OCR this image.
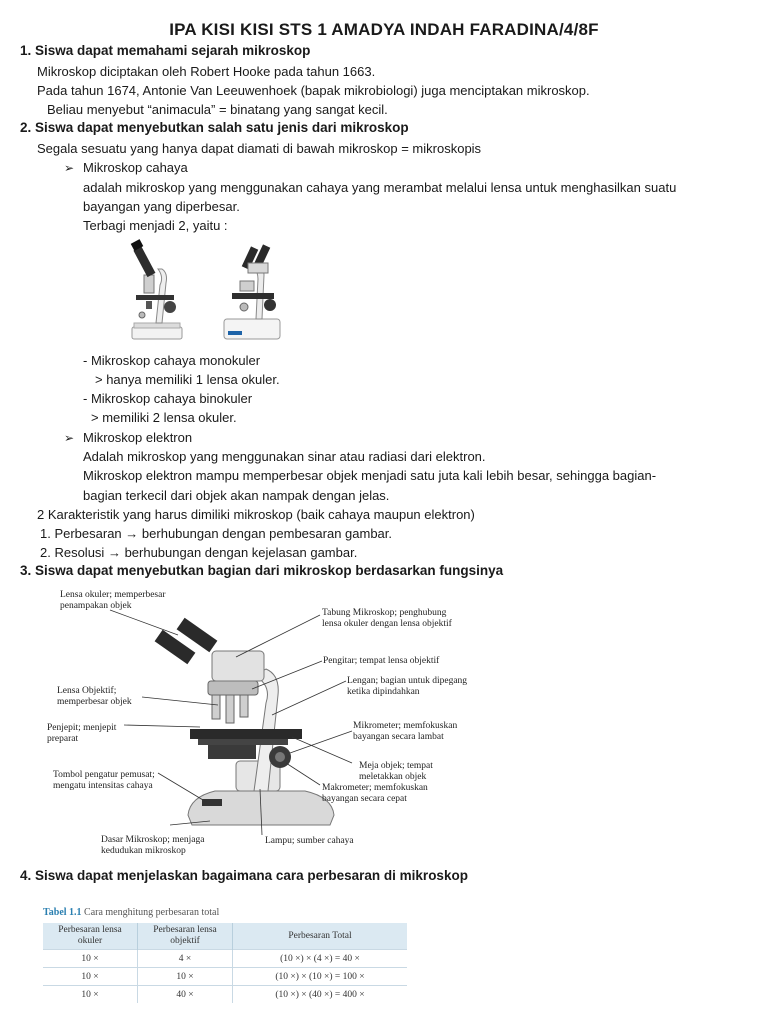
IPA KISI KISI STS 1 AMADYA INDAH FARADINA/4/8F
1. Siswa dapat memahami sejarah mikroskop
Mikroskop diciptakan oleh Robert Hooke pada tahun 1663.
Pada tahun 1674, Antonie Van Leeuwenhoek (bapak mikrobiologi) juga menciptakan mikroskop.
Beliau menyebut “animacula” = binatang yang sangat kecil.
2. Siswa dapat menyebutkan salah satu jenis dari mikroskop
Segala sesuatu yang hanya dapat diamati di bawah mikroskop = mikroskopis
➢ Mikroskop cahaya
adalah mikroskop yang menggunakan cahaya yang merambat melalui lensa untuk menghasilkan suatu
bayangan yang diperbesar.
Terbagi menjadi 2, yaitu :
- Mikroskop cahaya monokuler
> hanya memiliki 1 lensa okuler.
- Mikroskop cahaya binokuler
> memiliki 2 lensa okuler.
➢ Mikroskop elektron
Adalah mikroskop yang menggunakan sinar atau radiasi dari elektron.
Mikroskop elektron mampu memperbesar objek menjadi satu juta kali lebih besar, sehingga bagian-
bagian terkecil dari objek akan nampak dengan jelas.
2 Karakteristik yang harus dimiliki mikroskop (baik cahaya maupun elektron)
1. Perbesaran → berhubungan dengan pembesaran gambar.
2. Resolusi → berhubungan dengan kejelasan gambar.
3. Siswa dapat menyebutkan bagian dari mikroskop berdasarkan fungsinya
Lensa okuler; memperbesar
penampakan objek
Tabung Mikroskop; penghubung
lensa okuler dengan lensa objektif
Pengitar; tempat lensa objektif
Lengan; bagian untuk dipegang
ketika dipindahkan
Lensa Objektif;
memperbesar objek
Penjepit; menjepit
preparat
Mikrometer; memfokuskan
bayangan secara lambat
Meja objek; tempat
meletakkan objek
Tombol pengatur pemusat;
mengatu intensitas cahaya	Makrometer; memfokuskan
bayangan secara cepat
Dasar Mikroskop; menjaga
kedudukan mikroskop
Lampu; sumber cahaya
4. Siswa dapat menjelaskan bagaimana cara perbesaran di mikroskop
Tabel 1.1 Cara menghitung perbesaran total
Perbesaran lensa okuler	Perbesaran lensa objektif	Perbesaran Total
10 ×	4 ×	(10 ×) × (4 ×) = 40 ×
10 ×	10 ×	(10 ×) × (10 ×) = 100 ×
10 ×	40 ×	(10 ×) × (40 ×) = 400 ×
